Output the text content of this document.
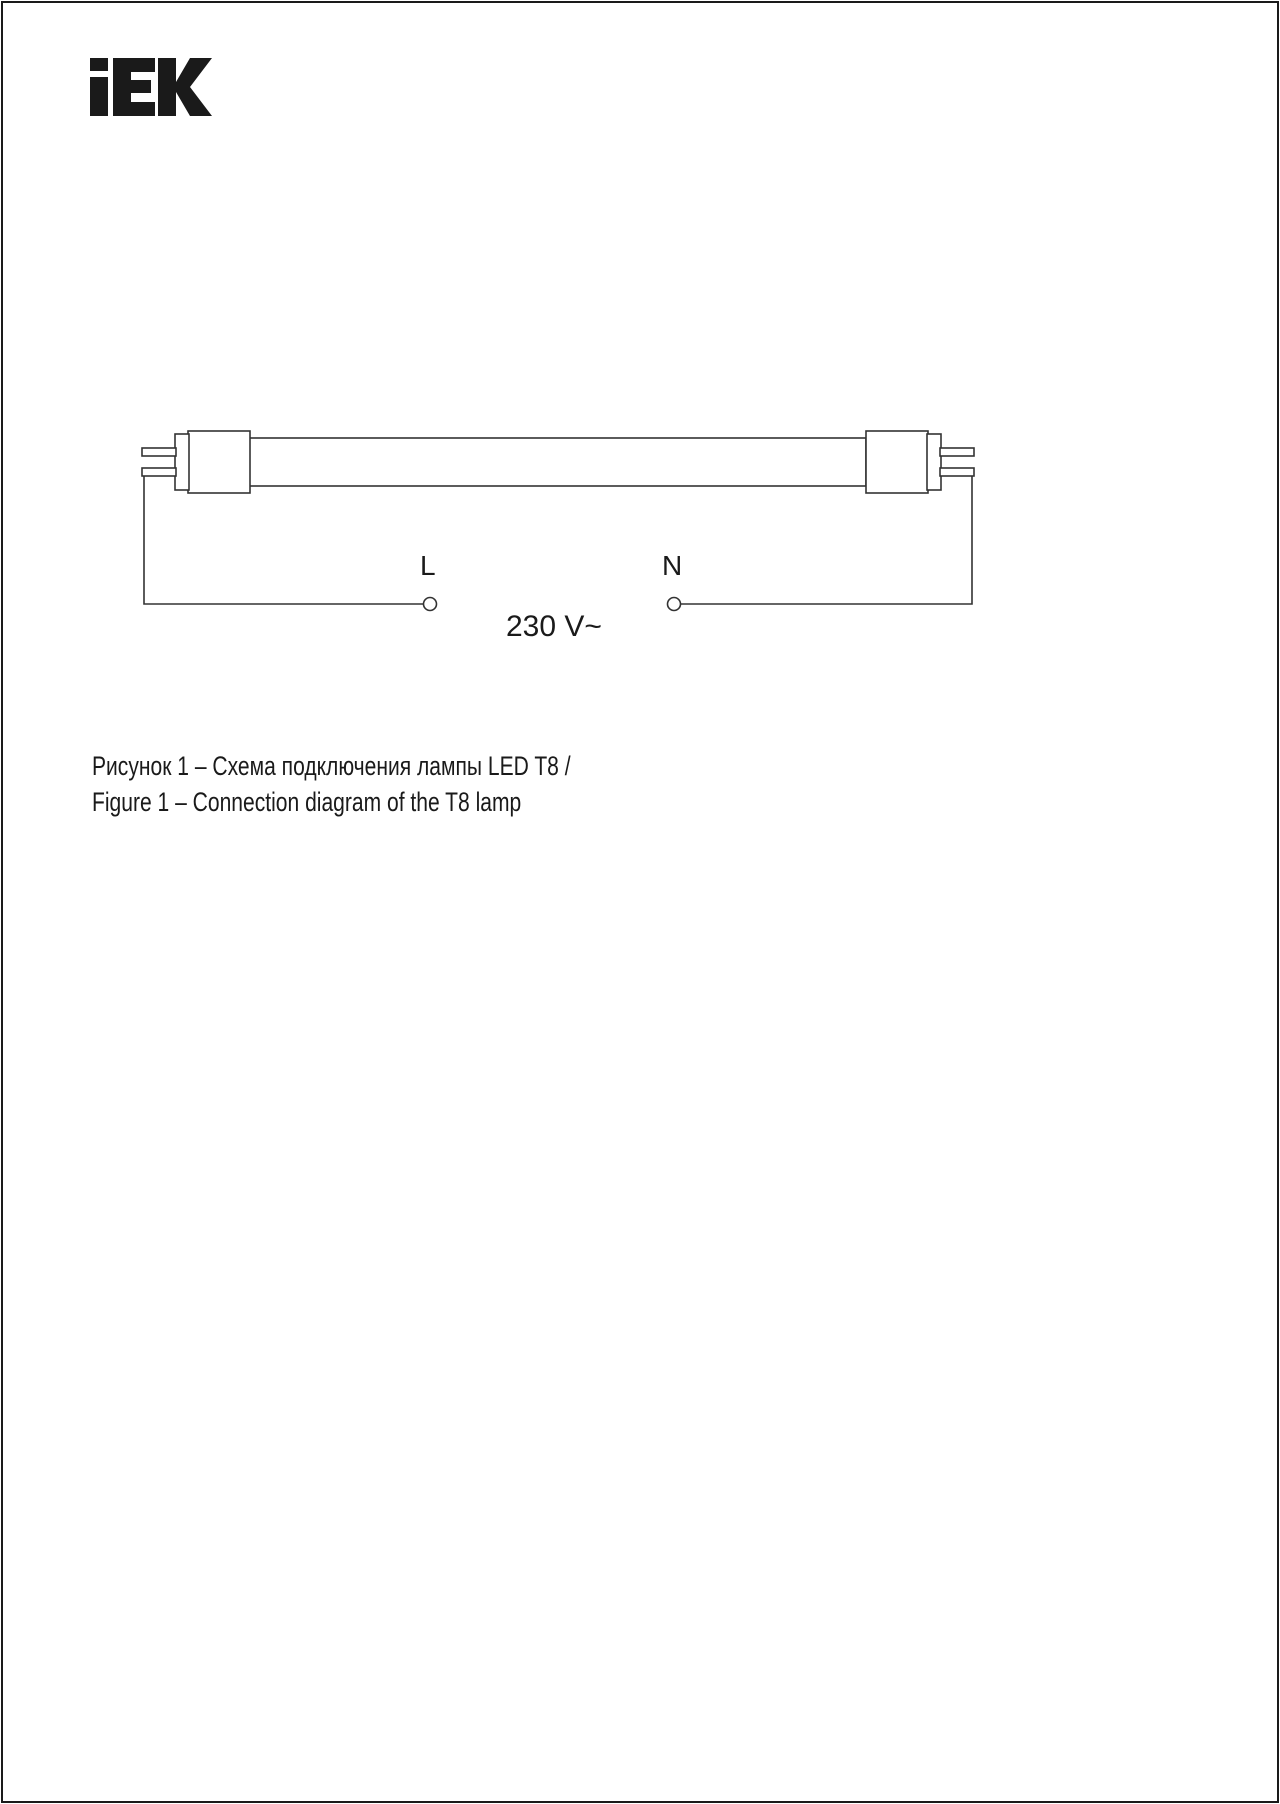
L	N
230 V~
Рисунок 1 – Схема подключения лампы LED T8 /
Figure 1 – Connection diagram of the T8 lamp
